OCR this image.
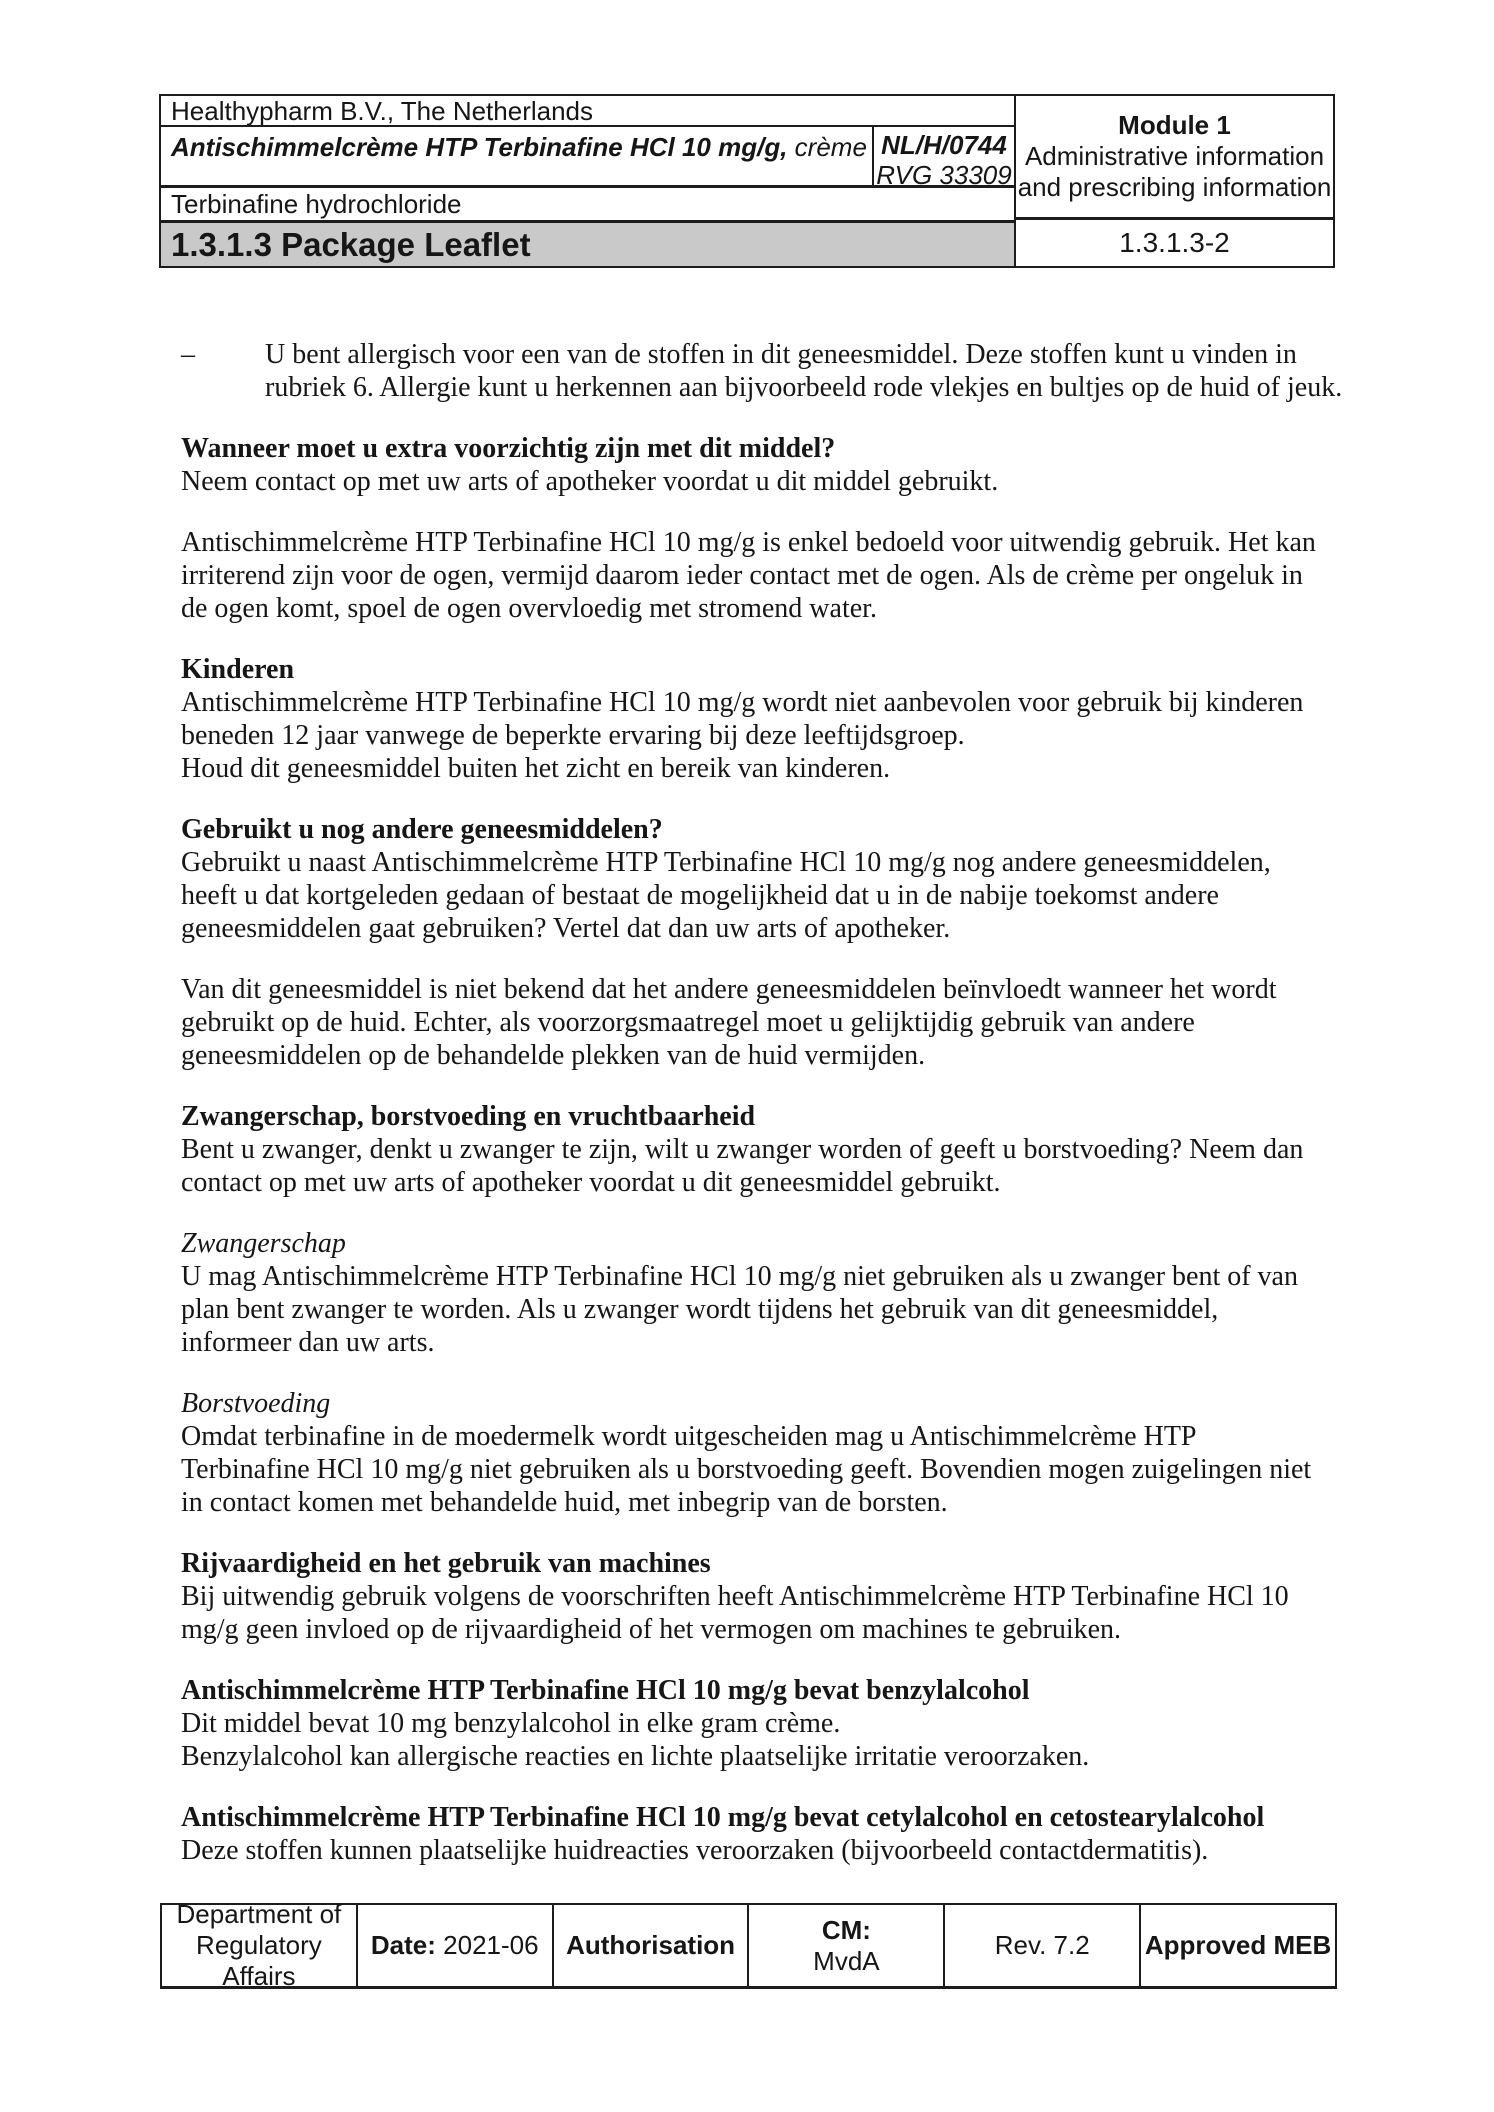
Healthypharm B.V., The Netherlands
Antischimmelcrème HTP Terbinafine HCl 10 mg/g, crème NL/H/0744
RVG 33309
Terbinafine hydrochloride
1.3.1.3 Package Leaflet
Module 1
Administrative information
and prescribing information
1.3.1.3-2
–	U bent allergisch voor een van de stoffen in dit geneesmiddel. Deze stoffen kunt u vinden in
rubriek 6. Allergie kunt u herkennen aan bijvoorbeeld rode vlekjes en bultjes op de huid of jeuk.
Wanneer moet u extra voorzichtig zijn met dit middel?
Neem contact op met uw arts of apotheker voordat u dit middel gebruikt.
Antischimmelcrème HTP Terbinafine HCl 10 mg/g is enkel bedoeld voor uitwendig gebruik. Het kan
irriterend zijn voor de ogen, vermijd daarom ieder contact met de ogen. Als de crème per ongeluk in
de ogen komt, spoel de ogen overvloedig met stromend water.
Kinderen
Antischimmelcrème HTP Terbinafine HCl 10 mg/g wordt niet aanbevolen voor gebruik bij kinderen
beneden 12 jaar vanwege de beperkte ervaring bij deze leeftijdsgroep.
Houd dit geneesmiddel buiten het zicht en bereik van kinderen.
Gebruikt u nog andere geneesmiddelen?
Gebruikt u naast Antischimmelcrème HTP Terbinafine HCl 10 mg/g nog andere geneesmiddelen,
heeft u dat kortgeleden gedaan of bestaat de mogelijkheid dat u in de nabije toekomst andere
geneesmiddelen gaat gebruiken? Vertel dat dan uw arts of apotheker.
Van dit geneesmiddel is niet bekend dat het andere geneesmiddelen beïnvloedt wanneer het wordt
gebruikt op de huid. Echter, als voorzorgsmaatregel moet u gelijktijdig gebruik van andere
geneesmiddelen op de behandelde plekken van de huid vermijden.
Zwangerschap, borstvoeding en vruchtbaarheid
Bent u zwanger, denkt u zwanger te zijn, wilt u zwanger worden of geeft u borstvoeding? Neem dan
contact op met uw arts of apotheker voordat u dit geneesmiddel gebruikt.
Zwangerschap
U mag Antischimmelcrème HTP Terbinafine HCl 10 mg/g niet gebruiken als u zwanger bent of van
plan bent zwanger te worden. Als u zwanger wordt tijdens het gebruik van dit geneesmiddel,
informeer dan uw arts.
Borstvoeding
Omdat terbinafine in de moedermelk wordt uitgescheiden mag u Antischimmelcrème HTP
Terbinafine HCl 10 mg/g niet gebruiken als u borstvoeding geeft. Bovendien mogen zuigelingen niet
in contact komen met behandelde huid, met inbegrip van de borsten.
Rijvaardigheid en het gebruik van machines
Bij uitwendig gebruik volgens de voorschriften heeft Antischimmelcrème HTP Terbinafine HCl 10
mg/g geen invloed op de rijvaardigheid of het vermogen om machines te gebruiken.
Antischimmelcrème HTP Terbinafine HCl 10 mg/g bevat benzylalcohol
Dit middel bevat 10 mg benzylalcohol in elke gram crème.
Benzylalcohol kan allergische reacties en lichte plaatselijke irritatie veroorzaken.
Antischimmelcrème HTP Terbinafine HCl 10 mg/g bevat cetylalcohol en cetostearylalcohol
Deze stoffen kunnen plaatselijke huidreacties veroorzaken (bijvoorbeeld contactdermatitis).
Department of
Regulatory Affairs
Date: 2021-06 Authorisation
CM:
MvdA
Rev. 7.2 Approved MEB
